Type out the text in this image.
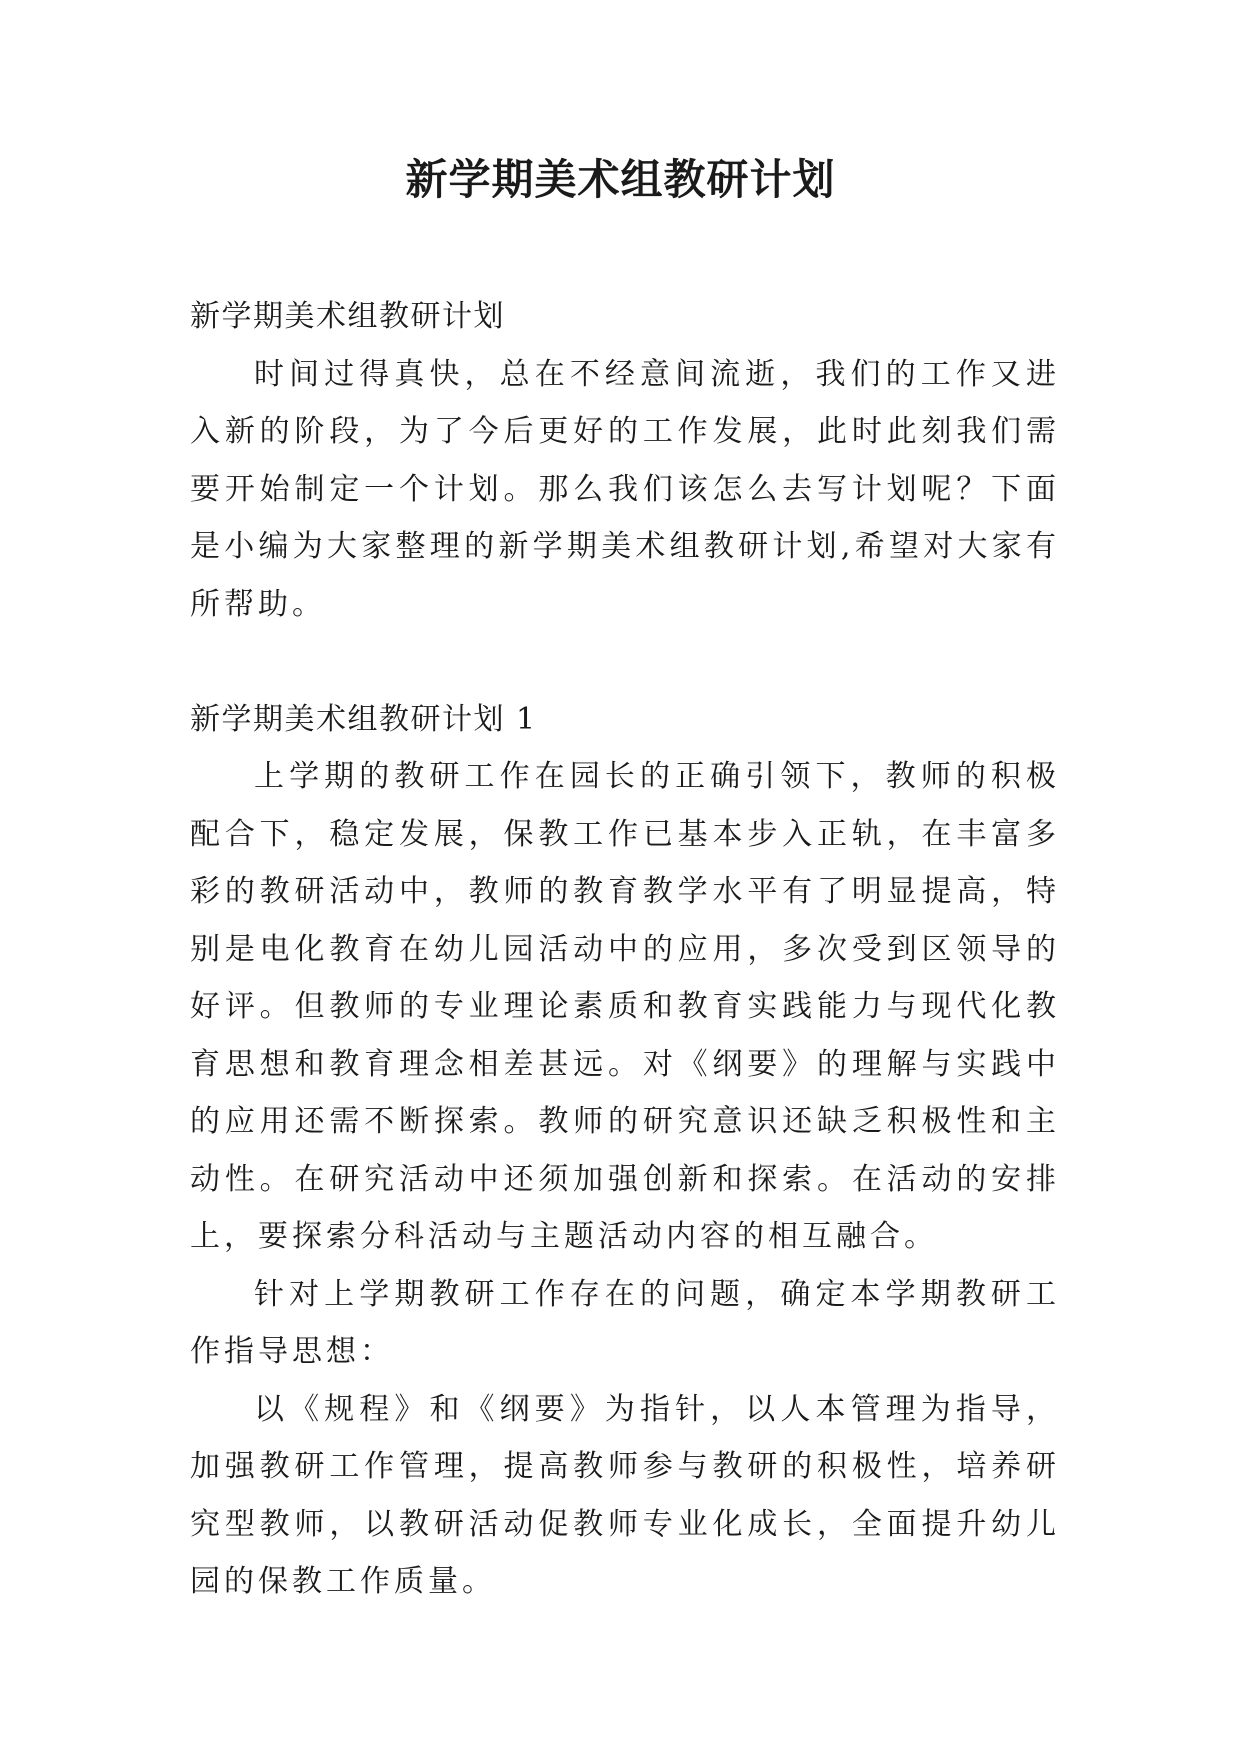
新学期美术组教研计划

新学期美术组教研计划

时间过得真快，总在不经意间流逝，我们的工作又进入新的阶段，为了今后更好的工作发展，此时此刻我们需要开始制定一个计划。那么我们该怎么去写计划呢？下面是小编为大家整理的新学期美术组教研计划,希望对大家有所帮助。

新学期美术组教研计划 1

上学期的教研工作在园长的正确引领下，教师的积极配合下，稳定发展，保教工作已基本步入正轨，在丰富多彩的教研活动中，教师的教育教学水平有了明显提高，特别是电化教育在幼儿园活动中的应用，多次受到区领导的好评。但教师的专业理论素质和教育实践能力与现代化教育思想和教育理念相差甚远。对《纲要》的理解与实践中的应用还需不断探索。教师的研究意识还缺乏积极性和主动性。在研究活动中还须加强创新和探索。在活动的安排上，要探索分科活动与主题活动内容的相互融合。

针对上学期教研工作存在的问题，确定本学期教研工作指导思想：

以《规程》和《纲要》为指针，以人本管理为指导，加强教研工作管理，提高教师参与教研的积极性，培养研究型教师，以教研活动促教师专业化成长，全面提升幼儿园的保教工作质量。
